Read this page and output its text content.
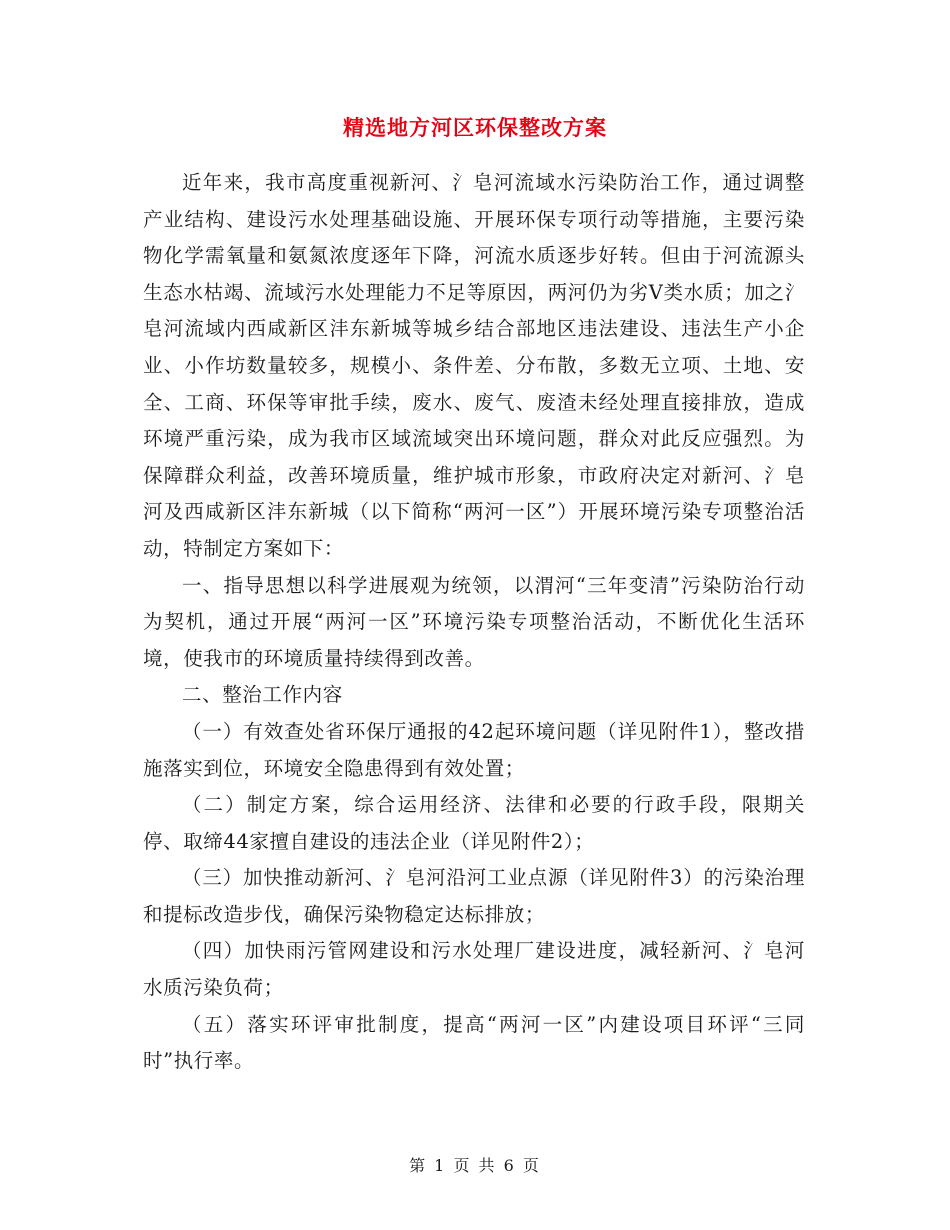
精选地方河区环保整改方案

近年来，我市高度重视新河、氵皂河流域水污染防治工作，通过调整产业结构、建设污水处理基础设施、开展环保专项行动等措施，主要污染物化学需氧量和氨氮浓度逐年下降，河流水质逐步好转。但由于河流源头生态水枯竭、流域污水处理能力不足等原因，两河仍为劣Ⅴ类水质；加之氵皂河流域内西咸新区沣东新城等城乡结合部地区违法建设、违法生产小企业、小作坊数量较多，规模小、条件差、分布散，多数无立项、土地、安全、工商、环保等审批手续，废水、废气、废渣未经处理直接排放，造成环境严重污染，成为我市区域流域突出环境问题，群众对此反应强烈。为保障群众利益，改善环境质量，维护城市形象，市政府决定对新河、氵皂河及西咸新区沣东新城（以下简称“两河一区”）开展环境污染专项整治活动，特制定方案如下：

一、指导思想以科学进展观为统领，以渭河“三年变清”污染防治行动为契机，通过开展“两河一区”环境污染专项整治活动，不断优化生活环境，使我市的环境质量持续得到改善。

二、整治工作内容

（一）有效查处省环保厅通报的42起环境问题（详见附件1），整改措施落实到位，环境安全隐患得到有效处置；

（二）制定方案，综合运用经济、法律和必要的行政手段，限期关停、取缔44家擅自建设的违法企业（详见附件2）；

（三）加快推动新河、氵皂河沿河工业点源（详见附件3）的污染治理和提标改造步伐，确保污染物稳定达标排放；

（四）加快雨污管网建设和污水处理厂建设进度，减轻新河、氵皂河水质污染负荷；

（五）落实环评审批制度，提高“两河一区”内建设项目环评“三同时”执行率。

第 1 页 共 6 页
